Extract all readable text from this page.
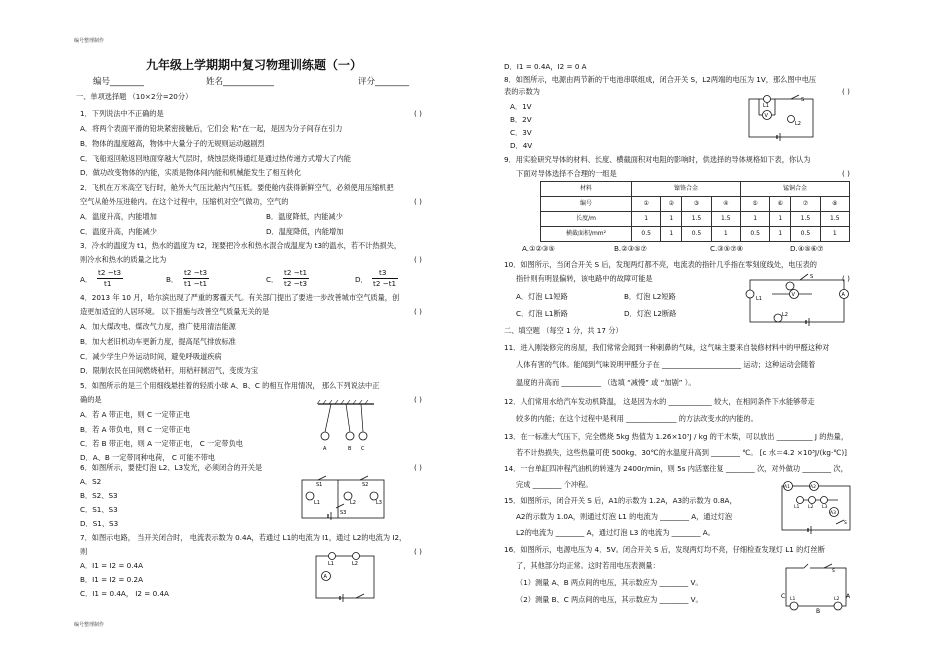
编号整理制作
编号整理制作
九年级上学期期中复习物理训练题（一）
编号________	姓名____________	评分________
一、单项选择题 （10×2分=20分）
1．下列说法中不正确的是
A．将两个表面平滑的铅块紧密接触后，它们会 粘”在一起，是因为分子间存在引力
B．物体的温度越高，物体中大量分子的无规则运动越剧烈
C．飞船返回舱返回地面穿越大气层时，烧蚀层烧得通红是通过热传递方式增大了内能
D．做功改变物体的内能，实质是物体间内能和机械能发生了相互转化
2．飞机在万米高空飞行时，舱外大气压比舱内气压低。要使舱内获得新鲜空气，必须使用压缩机把
空气从舱外压进舱内。在这个过程中，压缩机对空气做功，空气的
A．温度升高，内能增加	B．温度降低，内能减少
C．温度升高，内能减少	D．温度降低，内能增加
3．冷水的温度为 t1，热水的温度为 t2，现要把冷水和热水混合成温度为 t3的温水，若不计热损失，
则冷水和热水的质量之比为
A．
t2 −t3
t1	B．
t2 −t3
t1 −t1	C．
t2 −t1
t2 −t3	D．
t3
t2 −t1
4．2013 年 10 月，哈尔滨出现了严重的雾霾天气。有关部门提出了要进一步改善城市空气质量，创
造更加适宜的人居环境。 以下措施与改善空气质量无关的是
A．加大煤改电、煤改气力度，推广使用清洁能源
B．加大老旧机动车更新力度，提高尾气排放标准
C．减少学生户外运动时间，避免呼吸道疾病
D．限制农民在田间燃烧秸秆，用秸秆制沼气，变废为宝
5．如图所示的是三个用细线悬挂着的轻质小球 A、B、C 的相互作用情况， 那么下列说法中正
确的是
A．若 A 带正电，则 C 一定带正电
B．若 A 带负电，则 C 一定带正电
C．若 B 带正电，则 A 一定带正电， C 一定带负电
D．A、B 一定带同种电荷， C 可能不带电
6．如图所示，要使灯泡 L2、L3发光，必须闭合的开关是
A．S2
B．S2、S3
C．S1、S3
D．S1、S3
7．如图示电路， 当开关闭合时， 电流表示数为 0.4A，若通过 L1的电流为 I1，通过 L2的电流为 I2，
则
A．I1 = I2 = 0.4A
B．I1 = I2 = 0.2A
C．I1 = 0.4A， I2 = 0.4A
( )
( )
( )
( )
( )
( )
( )
A	B C
S1	S2
S3
L1	L2	L3
A
L1	L2
D．I1 = 0.4A，I2 = 0 A
8．如图所示，电源由两节新的干电池串联组成，闭合开关 S，L2两端的电压为 1V，那么图中电压
表的示数为
A．1V
B．2V
C．3V
D．4V
9．用实验研究导体的材料、长度、横截面积对电阻的影响时，供选择的导体规格如下表，你认为
下面对导体选择不合理的一组是
材料	镍铬合金				锰铜合金			
编号	①	②	③	④	⑤	⑥	⑦	⑧
长度/m	1	1	1.5	1.5	1	1	1.5	1.5
横截面积/mm²	0.5	1	0.5	1	0.5	1	0.5	1
A.①②③⑤	B.②③⑤⑦	C.③⑤⑦⑧	D.④⑤⑥⑦
10．如图所示，当闭合开关 S 后，发现两灯都不亮，电流表的指针几乎指在零刻度线处，电压表的
指针则有明显偏转，该电路中的故障可能是
A．灯泡 L1短路	B．灯泡 L2短路
C．灯泡 L1断路	D．灯泡 L2断路
二、填空题 （每空 1 分，共 17 分）
11．进入刚装修完的房屋，我们常常会闻到一种刺鼻的气味，这气味主要来自装修材料中的甲醛这种对
人体有害的气体。能闻到气味说明甲醛分子在 ______________________ 运动；这种运动会随着
温度的升高而 ___________ （选填 “减慢” 或 “加剧” ）。
12．人们常用水给汽车发动机降温， 这是因为水的 ____________ 较大，在相同条件下水能够带走
较多的内能；在这个过程中是利用 ______________ 的方法改变水的内能的。
13．在一标准大气压下，完全燃烧 5kg 热值为 1.26×10⁷J / kg 的干木柴，可以放出 __________ J 的热量，
若不计热损失，这些热量可使 500kg、30℃的水温度升高到 ________ ℃。 [c 水＝4.2 ×10³J/(kg·℃)]
14．一台单缸四冲程汽油机的转速为 2400r/min，则 5s 内活塞往复 ________ 次，对外做功 ________ 次，
完成 ________ 个冲程。
15．如图所示，闭合开关 S 后，A1的示数为 1.2A，A3的示数为 0.8A，
A2的示数为 1.0A，则通过灯泡 L1 的电流为 ________ A，通过灯泡
L2的电流为 ________ A，通过灯泡 L3 的电流为 ________ A。
16．如图所示，电源电压为 4．5V。闭合开关 S 后，发现两灯均不亮，仔细检查发现灯 L1 的灯丝断
了，其他部分均正常。这时若用电压表测量：
（1）测量 A、B 两点间的电压，其示数应为 ________ V。
（2）测量 B、C 两点间的电压，其示数应为 ________ V。
( )
( )
( )
V
L1
L2
S
A
V
L1
L2
S
A1	A2
A3
L1 L2 L3
S
C
B
A
L1	L2
S
